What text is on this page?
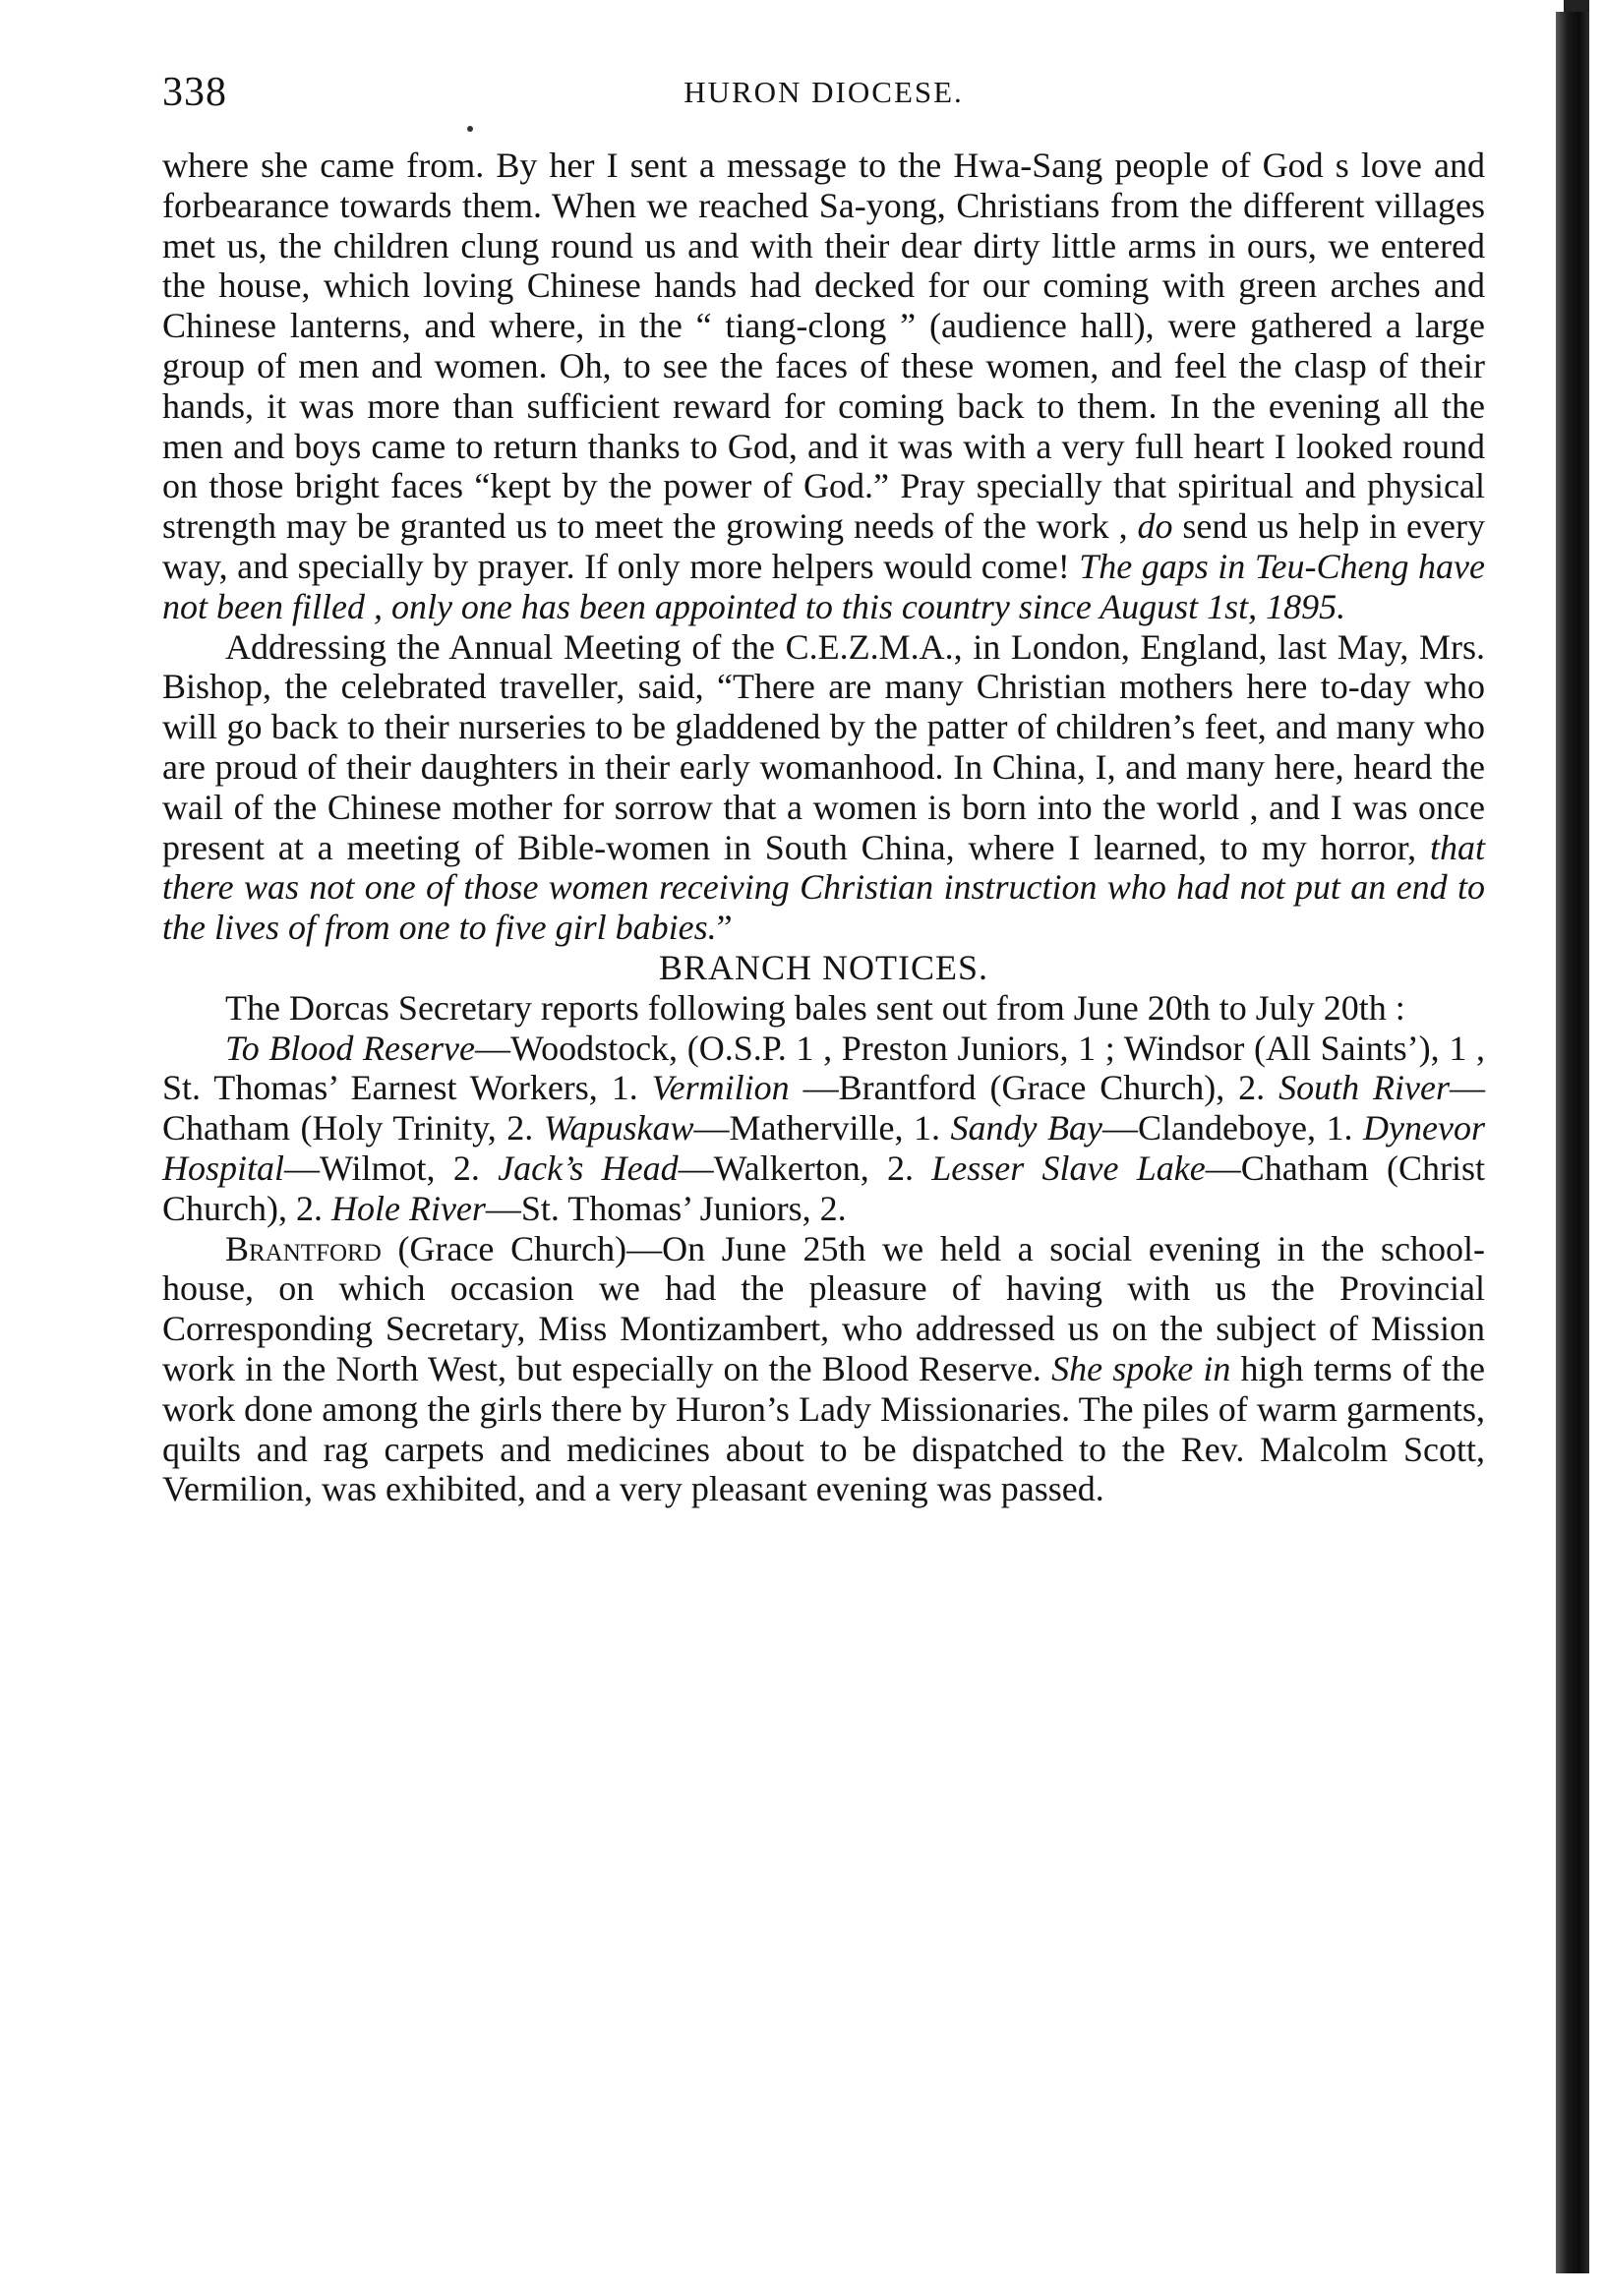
338	HURON DIOCESE.

where she came from. By her I sent a message to the Hwa-Sang people of God s love and forbearance towards them. When we reached Sa-yong, Christians from the different villages met us, the children clung round us and with their dear dirty little arms in ours, we entered the house, which loving Chinese hands had decked for our coming with green arches and Chinese lanterns, and where, in the “ tiang-clong ” (audience hall), were gathered a large group of men and women. Oh, to see the faces of these women, and feel the clasp of their hands, it was more than sufficient reward for coming back to them. In the evening all the men and boys came to return thanks to God, and it was with a very full heart I looked round on those bright faces “kept by the power of God.” Pray specially that spiritual and physical strength may be granted us to meet the growing needs of the work , do send us help in every way, and specially by prayer. If only more helpers would come! The gaps in Teu-Cheng have not been filled , only one has been appointed to this country since August 1st, 1895.

Addressing the Annual Meeting of the C.E.Z.M.A., in London, England, last May, Mrs. Bishop, the celebrated traveller, said, “There are many Christian mothers here to-day who will go back to their nurseries to be gladdened by the patter of children’s feet, and many who are proud of their daughters in their early womanhood. In China, I, and many here, heard the wail of the Chinese mother for sorrow that a women is born into the world , and I was once present at a meeting of Bible-women in South China, where I learned, to my horror, that there was not one of those women receiving Christian instruction who had not put an end to the lives of from one to five girl babies.”

BRANCH NOTICES.

The Dorcas Secretary reports following bales sent out from June 20th to July 20th :

To Blood Reserve—Woodstock, (O.S.P. 1 , Preston Juniors, 1 ; Windsor (All Saints’), 1 , St. Thomas’ Earnest Workers, 1. Vermilion —Brantford (Grace Church), 2. South River—Chatham (Holy Trinity, 2. Wapuskaw—Matherville, 1. Sandy Bay—Clandeboye, 1. Dynevor Hospital—Wilmot, 2. Jack’s Head—Walkerton, 2. Lesser Slave Lake—Chatham (Christ Church), 2. Hole River—St. Thomas’ Juniors, 2.

Brantford (Grace Church)—On June 25th we held a social evening in the school-house, on which occasion we had the pleasure of having with us the Provincial Corresponding Secretary, Miss Montizambert, who addressed us on the subject of Mission work in the North West, but especially on the Blood Reserve. She spoke in high terms of the work done among the girls there by Huron’s Lady Missionaries. The piles of warm garments, quilts and rag carpets and medicines about to be dispatched to the Rev. Malcolm Scott, Vermilion, was exhibited, and a very pleasant evening was passed.
